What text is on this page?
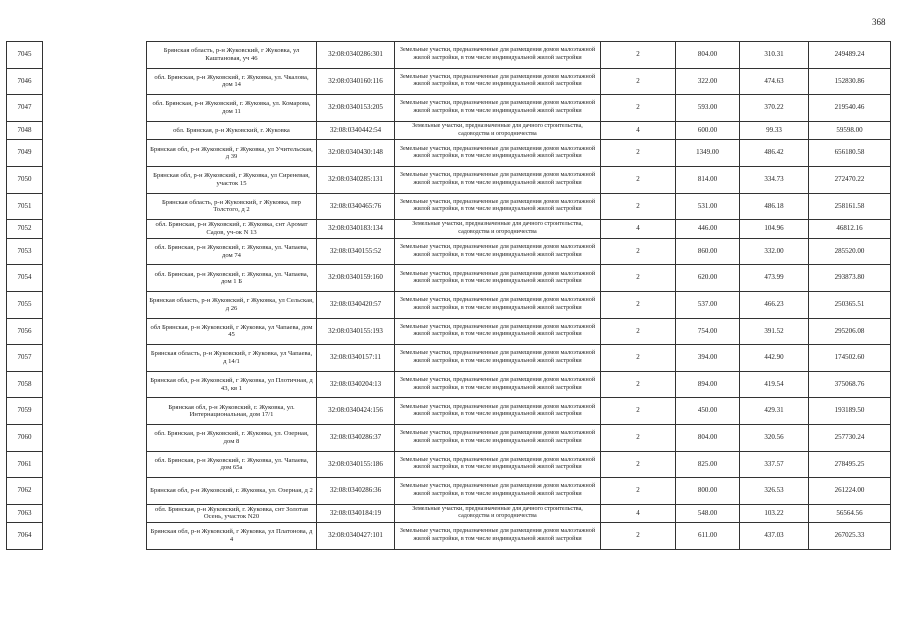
368
7045		Брянская область, р-н Жуковский, г Жуковка, ул Каштановая, уч 46	32:08:0340286:301	Земельные участки, предназначенные для размещения домов малоэтажной жилой застройки, в том числе индивидуальной жилой застройки	2	804.00	310.31	249489.24
7046		обл. Брянская, р-н Жуковский, г. Жуковка, ул. Чкалова, дом 14	32:08:0340160:116	Земельные участки, предназначенные для размещения домов малоэтажной жилой застройки, в том числе индивидуальной жилой застройки	2	322.00	474.63	152830.86
7047		обл. Брянская, р-н Жуковский, г. Жуковка, ул. Комарова, дом 11	32:08:0340153:205	Земельные участки, предназначенные для размещения домов малоэтажной жилой застройки, в том числе индивидуальной жилой застройки	2	593.00	370.22	219540.46
7048		обл. Брянская, р-н Жуковский, г. Жуковка	32:08:0340442:54	Земельные участки, предназначенные для дачного строительства, садоводства и огородничества	4	600.00	99.33	59598.00
7049		Брянская обл, р-н Жуковский, г Жуковка, ул Учительская, д 39	32:08:0340430:148	Земельные участки, предназначенные для размещения домов малоэтажной жилой застройки, в том числе индивидуальной жилой застройки	2	1349.00	486.42	656180.58
7050		Брянская обл, р-н Жуковский, г Жуковка, ул Сиреневая, участок 15	32:08:0340285:131	Земельные участки, предназначенные для размещения домов малоэтажной жилой застройки, в том числе индивидуальной жилой застройки	2	814.00	334.73	272470.22
7051		Брянская область, р-н Жуковский, г Жуковка, пер Толстого, д 2	32:08:0340465:76	Земельные участки, предназначенные для размещения домов малоэтажной жилой застройки, в том числе индивидуальной жилой застройки	2	531.00	486.18	258161.58
7052		обл. Брянская, р-н Жуковский, г. Жуковка, снт Аромат Садов, уч-ок N 13	32:08:0340183:134	Земельные участки, предназначенные для дачного строительства, садоводства и огородничества	4	446.00	104.96	46812.16
7053		обл. Брянская, р-н Жуковский, г. Жуковка, ул. Чапаева, дом 74	32:08:0340155:52	Земельные участки, предназначенные для размещения домов малоэтажной жилой застройки, в том числе индивидуальной жилой застройки	2	860.00	332.00	285520.00
7054		обл. Брянская, р-н Жуковский, г. Жуковка, ул. Чапаева, дом 1 Б	32:08:0340159:160	Земельные участки, предназначенные для размещения домов малоэтажной жилой застройки, в том числе индивидуальной жилой застройки	2	620.00	473.99	293873.80
7055		Брянская область, р-н Жуковский, г Жуковка, ул Сельская, д 26	32:08:0340420:57	Земельные участки, предназначенные для размещения домов малоэтажной жилой застройки, в том числе индивидуальной жилой застройки	2	537.00	466.23	250365.51
7056		обл Брянская, р-н Жуковский, г Жуковка, ул Чапаева, дом 45	32:08:0340155:193	Земельные участки, предназначенные для размещения домов малоэтажной жилой застройки, в том числе индивидуальной жилой застройки	2	754.00	391.52	295206.08
7057		Брянская область, р-н Жуковский, г Жуковка, ул Чапаева, д 14/1	32:08:0340157:11	Земельные участки, предназначенные для размещения домов малоэтажной жилой застройки, в том числе индивидуальной жилой застройки	2	394.00	442.90	174502.60
7058		Брянская обл, р-н Жуковский, г Жуковка, ул Плотичная, д 43, кв 1	32:08:0340204:13	Земельные участки, предназначенные для размещения домов малоэтажной жилой застройки, в том числе индивидуальной жилой застройки	2	894.00	419.54	375068.76
7059		Брянская обл, р-н Жуковский, г. Жуковка, ул. Интернациональная, дом 17/1	32:08:0340424:156	Земельные участки, предназначенные для размещения домов малоэтажной жилой застройки, в том числе индивидуальной жилой застройки	2	450.00	429.31	193189.50
7060		обл. Брянская, р-н Жуковский, г. Жуковка, ул. Озерная, дом 8	32:08:0340286:37	Земельные участки, предназначенные для размещения домов малоэтажной жилой застройки, в том числе индивидуальной жилой застройки	2	804.00	320.56	257730.24
7061		обл. Брянская, р-н Жуковский, г. Жуковка, ул. Чапаева, дом 65а	32:08:0340155:186	Земельные участки, предназначенные для размещения домов малоэтажной жилой застройки, в том числе индивидуальной жилой застройки	2	825.00	337.57	278495.25
7062		Брянская обл, р-н Жуковский, г. Жуковка, ул. Озерная, д 2	32:08:0340286:36	Земельные участки, предназначенные для размещения домов малоэтажной жилой застройки, в том числе индивидуальной жилой застройки	2	800.00	326.53	261224.00
7063		обл. Брянская, р-н Жуковский, г. Жуковка, снт Золотая Осень, участок N20	32:08:0340184:19	Земельные участки, предназначенные для дачного строительства, садоводства и огородничества	4	548.00	103.22	56564.56
7064		Брянская обл, р-н Жуковский, г Жуковка, ул Платонова, д 4	32:08:0340427:101	Земельные участки, предназначенные для размещения домов малоэтажной жилой застройки, в том числе индивидуальной жилой застройки	2	611.00	437.03	267025.33
